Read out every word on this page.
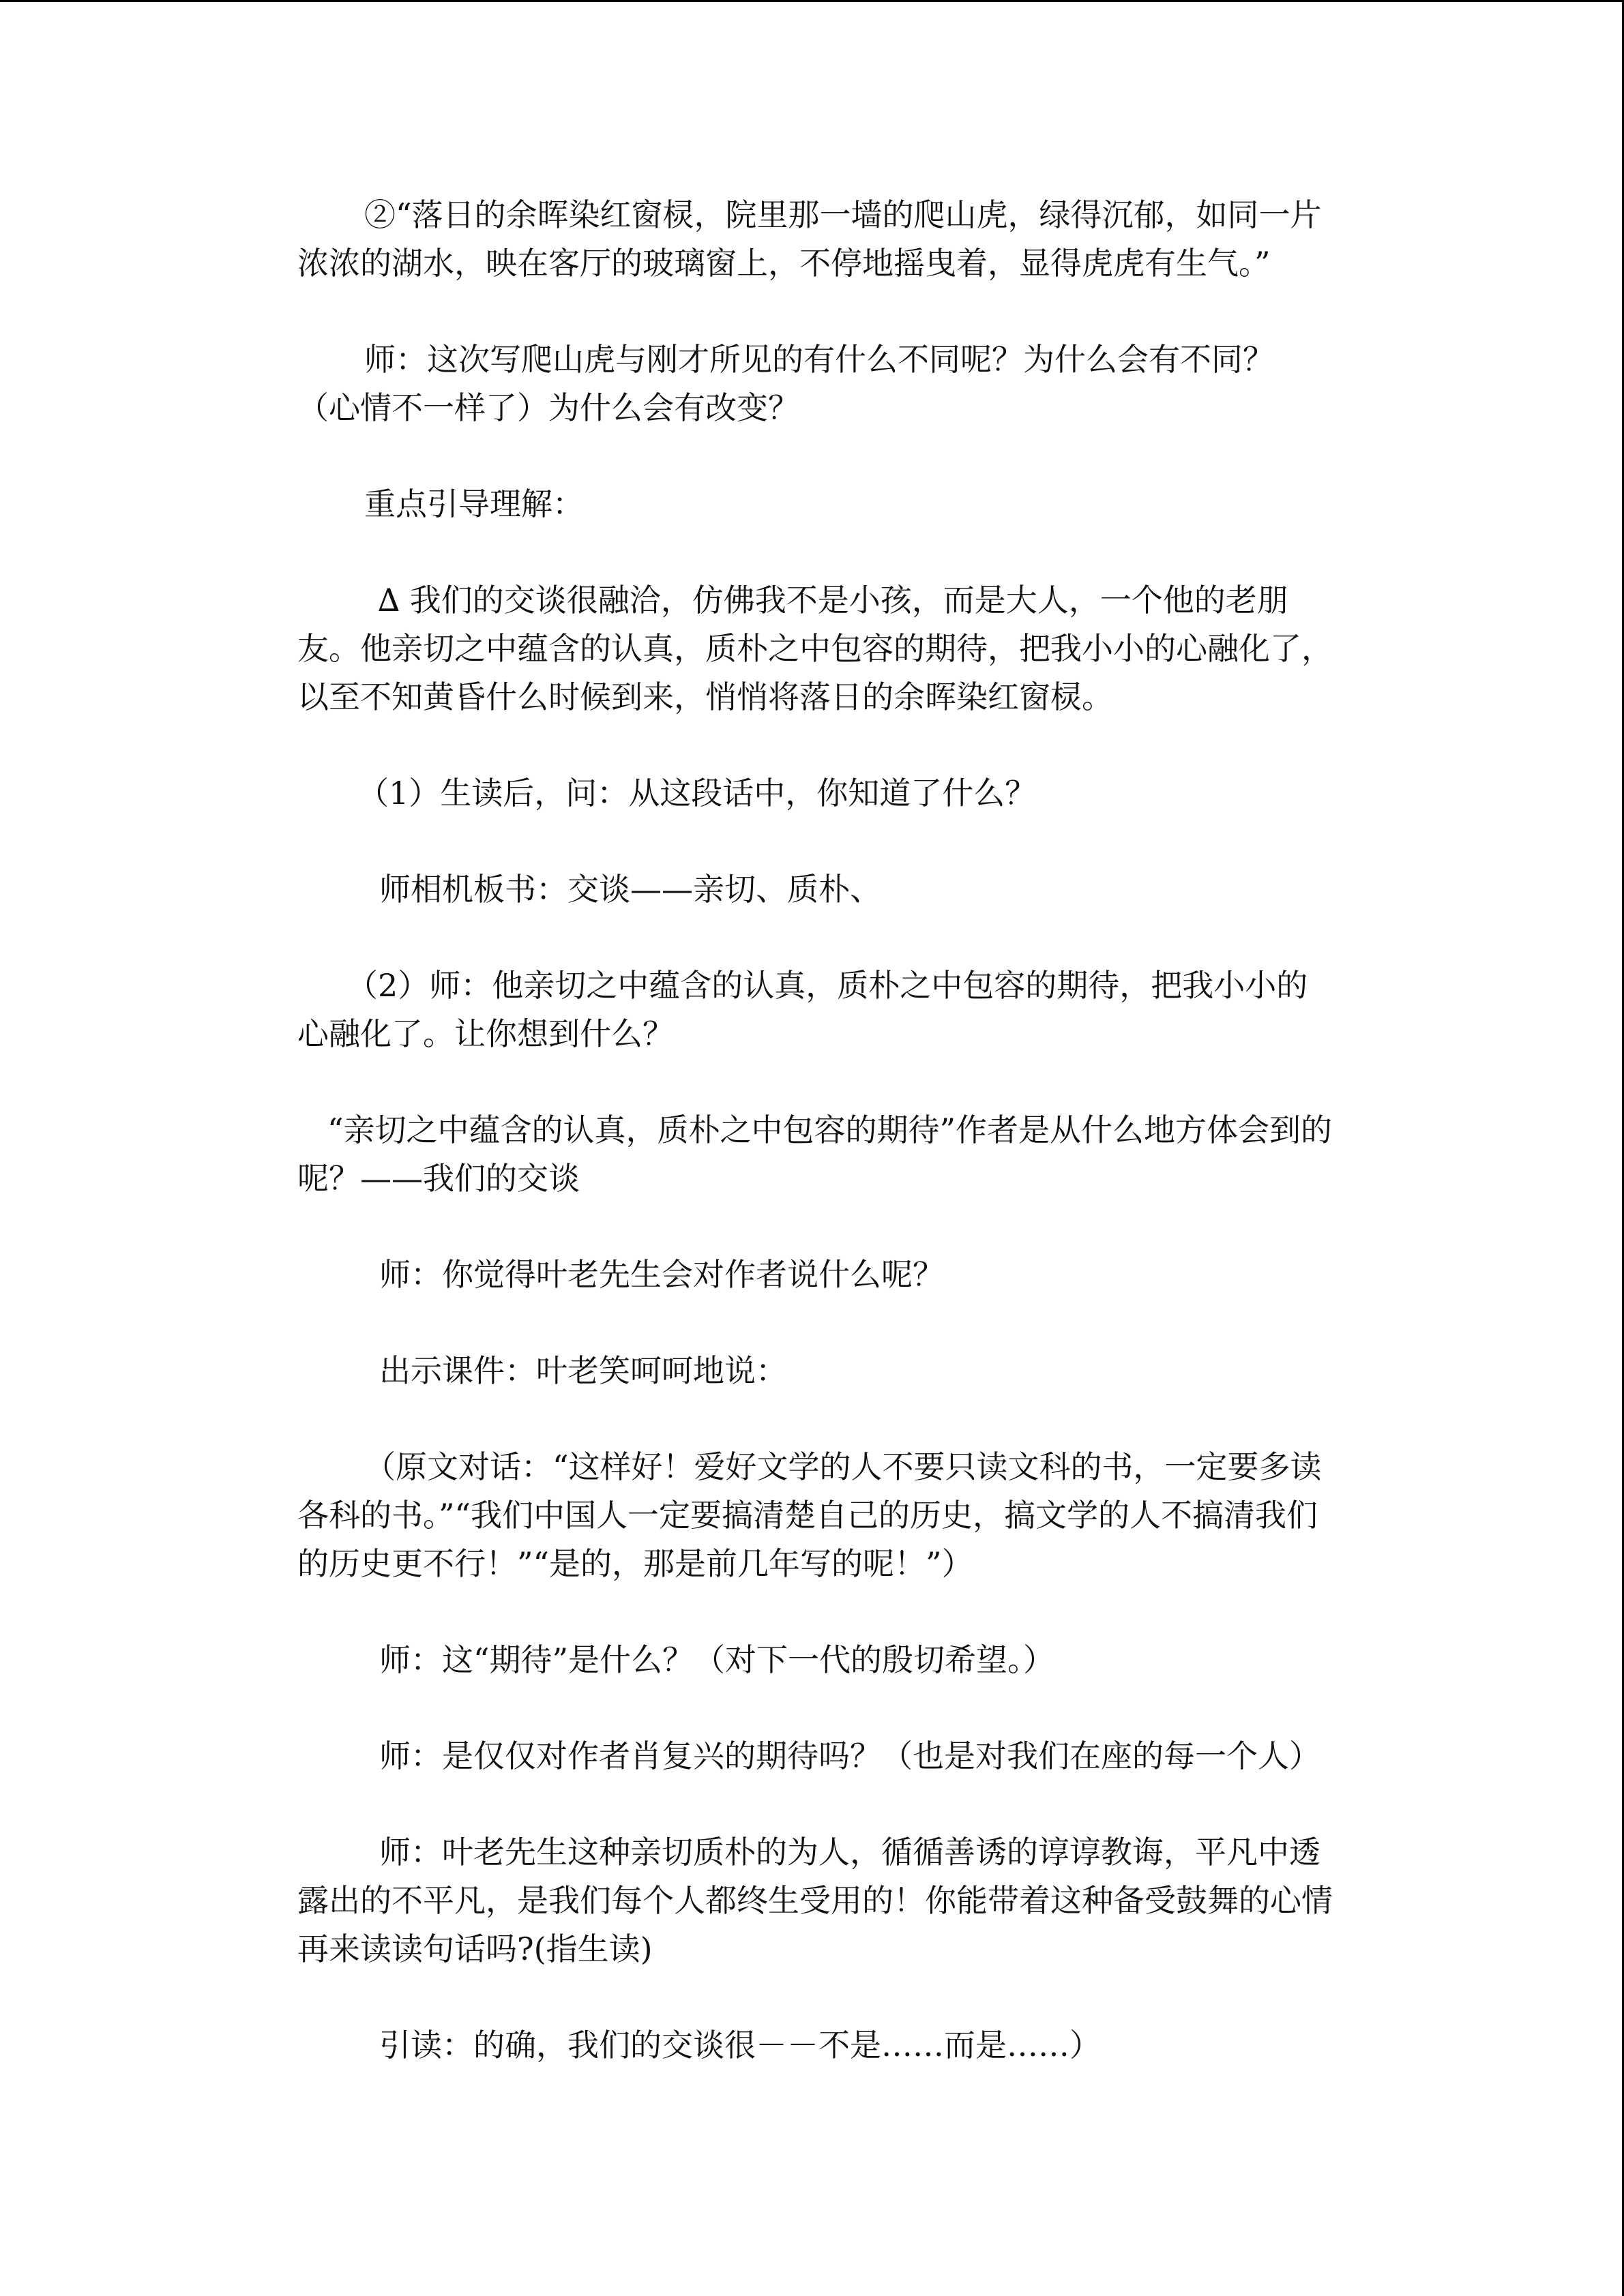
②“落日的余晖染红窗棂，院里那一墙的爬山虎，绿得沉郁，如同一片浓浓的湖水，映在客厅的玻璃窗上，不停地摇曳着，显得虎虎有生气。”

师：这次写爬山虎与刚才所见的有什么不同呢？为什么会有不同？（心情不一样了）为什么会有改变？

重点引导理解：

∆ 我们的交谈很融洽，仿佛我不是小孩，而是大人，一个他的老朋友。他亲切之中蕴含的认真，质朴之中包容的期待，把我小小的心融化了，以至不知黄昏什么时候到来，悄悄将落日的余晖染红窗棂。

（1）生读后，问：从这段话中，你知道了什么？

师相机板书：交谈——亲切、质朴、

（2）师：他亲切之中蕴含的认真，质朴之中包容的期待，把我小小的心融化了。让你想到什么？

“亲切之中蕴含的认真，质朴之中包容的期待”作者是从什么地方体会到的呢？——我们的交谈

师：你觉得叶老先生会对作者说什么呢？

出示课件：叶老笑呵呵地说：

（原文对话：“这样好！爱好文学的人不要只读文科的书，一定要多读各科的书。”“我们中国人一定要搞清楚自己的历史，搞文学的人不搞清我们的历史更不行！”“是的，那是前几年写的呢！”）

师：这“期待”是什么？（对下一代的殷切希望。）

师：是仅仅对作者肖复兴的期待吗？（也是对我们在座的每一个人）

师：叶老先生这种亲切质朴的为人，循循善诱的谆谆教诲，平凡中透露出的不平凡，是我们每个人都终生受用的！你能带着这种备受鼓舞的心情再来读读句话吗?(指生读)

引读：的确，我们的交谈很－－不是……而是……）
